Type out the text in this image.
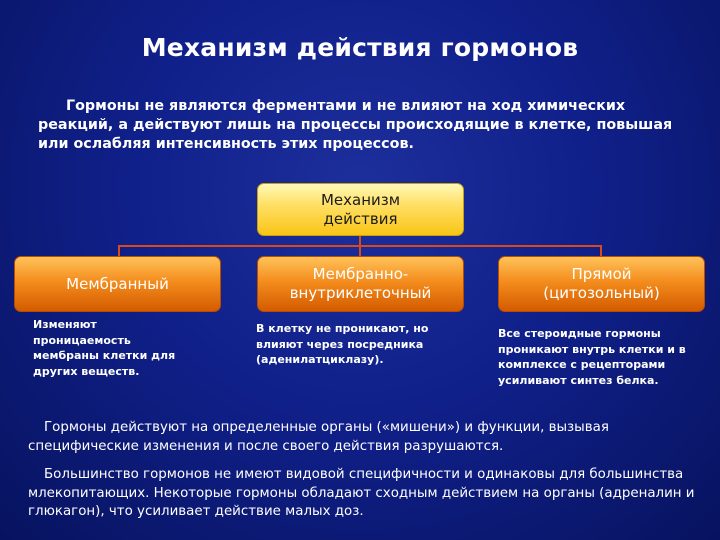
Механизм действия гормонов
Гормоны не являются ферментами и не влияют на ход химических реакций, а действуют лишь на процессы происходящие в клетке, повышая или ослабляя интенсивность этих процессов.
Механизм действия
Мембранный
Мембранно-внутриклеточный
Прямой (цитозольный)
Изменяют проницаемость мембраны клетки для других веществ.
В клетку не проникают, но влияют через посредника (аденилатциклазу).
Все стероидные гормоны проникают внутрь клетки и в комплексе с рецепторами усиливают синтез белка.
Гормоны действуют на определенные органы («мишени») и функции, вызывая специфические изменения и после своего действия разрушаются.
Большинство гормонов не имеют видовой специфичности и одинаковы для большинства млекопитающих. Некоторые гормоны обладают сходным действием на органы (адреналин и глюкагон), что усиливает действие малых доз.
